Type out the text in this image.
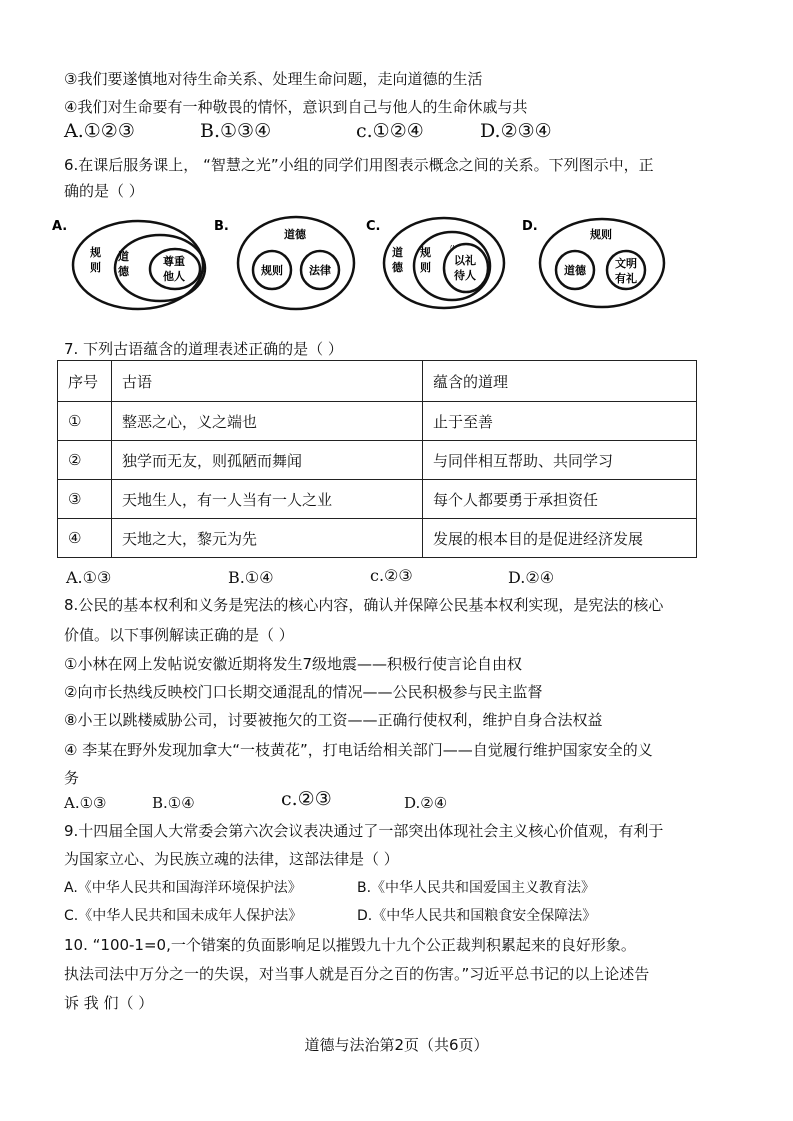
③我们要遂慎地对待生命关系、处理生命问题，走向道德的生活
④我们对生命要有一种敬畏的情怀，意识到自己与他人的生命休戚与共
A.①②③	B.①③④	c.①②④	D.②③④
6.在课后服务课上， “智慧之光”小组的同学们用图表示概念之间的关系。下列图示中，正
确的是（ ）
A.
规
则
道
德
尊重
他人
B.
道德
规则 法律
C.
道
德
规
则
〃
以礼
待人
D.
规则
道德
文明
有礼
7. 下列古语蕴含的道理表述正确的是（ ）
序号	古语	蕴含的道理
①	整恶之心，义之端也	止于至善
②	独学而无友，则孤陋而舞闻	与同伴相互帮助、共同学习
③	天地生人，有一人当有一人之业	每个人都要勇于承担资任
④	天地之大，黎元为先	发展的根本目的是促进经济发展
A.①③	B.①④	c.②③	D.②④
8.公民的基本权利和义务是宪法的核心内容，确认并保障公民基本权利实现，是宪法的核心
价值。以下事例解读正确的是（ ）
①小林在网上发帖说安徽近期将发生7级地震——积极行使言论自由权
②向市长热线反映校门口长期交通混乱的情况——公民积极参与民主监督
⑧小王以跳楼威胁公司，讨要被拖欠的工资——正确行使权利，维护自身合法权益
④ 李某在野外发现加拿大“一枝黄花”，打电话给相关部门——自觉履行维护国家安全的义
务
A.①③	B.①④	c.②③	D.②④
9.十四届全国人大常委会第六次会议表决通过了一部突出体现社会主义核心价值观，有利于
为国家立心、为民族立魂的法律，这部法律是（ ）
A.《中华人民共和国海洋环境保护法》	B.《中华人民共和国爱国主义教育法》
C.《中华人民共和国未成年人保护法》	D.《中华人民共和国粮食安全保障法》
10. “100-1=0,一个错案的负面影响足以摧毁九十九个公正裁判积累起来的良好形象。
执法司法中万分之一的失误，对当事人就是百分之百的伤害。”习近平总书记的以上论述告
诉 我 们（ ）
道德与法治第2页（共6页）
